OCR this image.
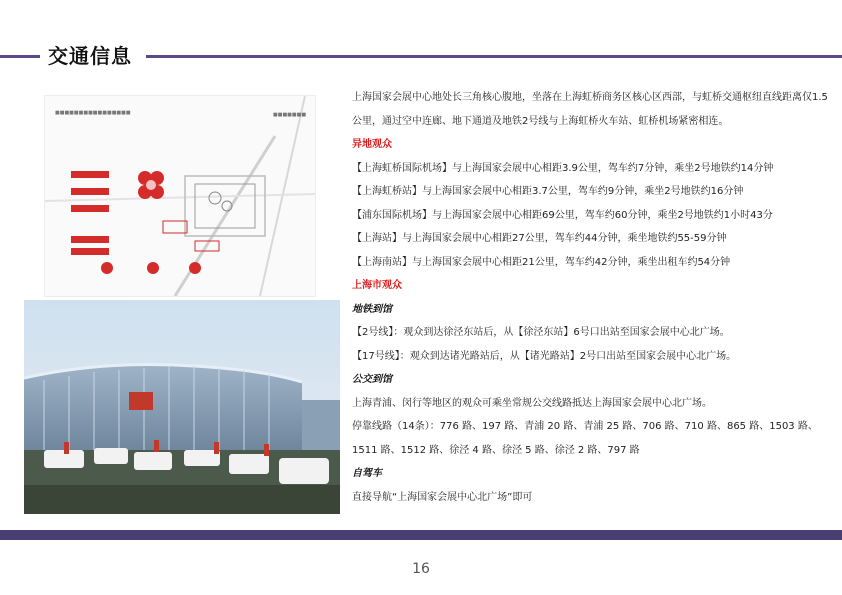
交通信息
■■■■■■■■■■■■■■■■	■■■■■■■

上海国家会展中心地处长三角核心腹地，坐落在上海虹桥商务区核心区西部，与虹桥交通枢纽直线距离仅1.5公里，通过空中连廊、地下通道及地铁2号线与上海虹桥火车站、虹桥机场紧密相连。

异地观众

【上海虹桥国际机场】与上海国家会展中心相距3.9公里，驾车约7分钟，乘坐2号地铁约14分钟

【上海虹桥站】与上海国家会展中心相距3.7公里，驾车约9分钟，乘坐2号地铁约16分钟

【浦东国际机场】与上海国家会展中心相距69公里，驾车约60分钟，乘坐2号地铁约1小时43分

【上海站】与上海国家会展中心相距27公里，驾车约44分钟，乘坐地铁约55-59分钟

【上海南站】与上海国家会展中心相距21公里，驾车约42分钟，乘坐出租车约54分钟

上海市观众

地铁到馆

【2号线】：观众到达徐泾东站后，从【徐泾东站】6号口出站至国家会展中心北广场。

【17号线】：观众到达诸光路站后，从【诸光路站】2号口出站至国家会展中心北广场。

公交到馆

上海青浦、闵行等地区的观众可乘坐常规公交线路抵达上海国家会展中心北广场。

停靠线路（14条）：776 路、197 路、青浦 20 路、青浦 25 路、706 路、710 路、865 路、1503 路、1511 路、1512 路、徐泾 4 路、徐泾 5 路、徐泾 2 路、797 路

自驾车

直接导航“上海国家会展中心北广场”即可

16
